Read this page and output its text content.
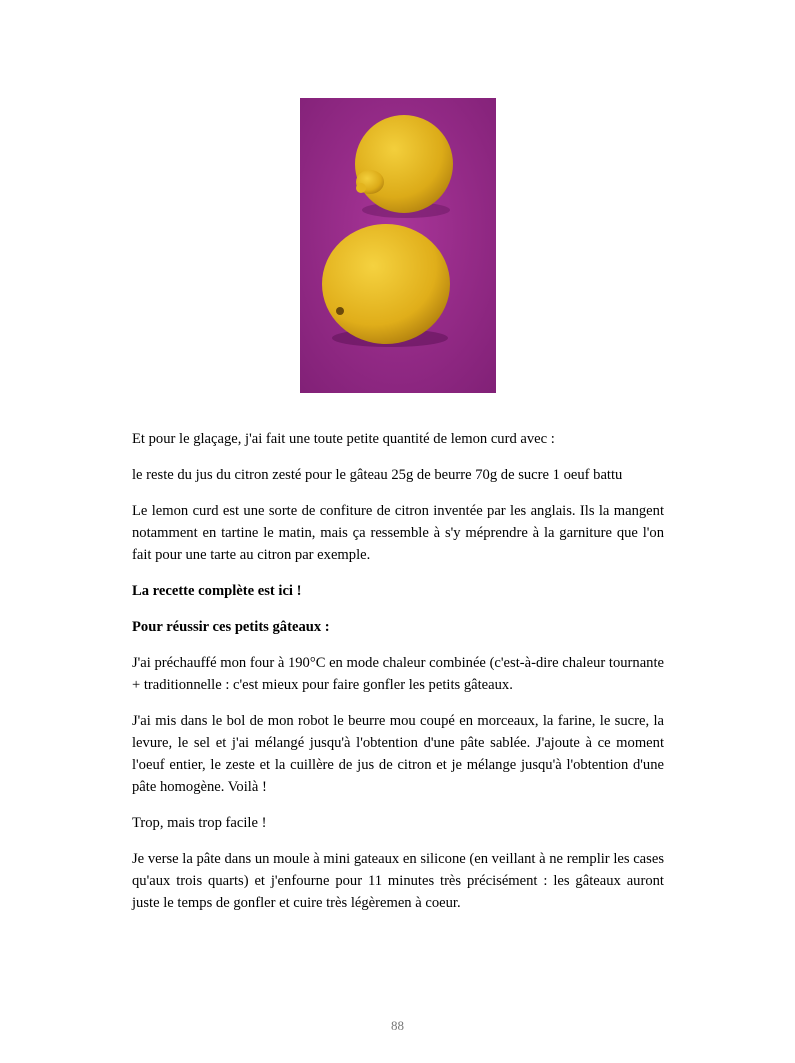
Et pour le glaçage, j'ai fait une toute petite quantité de lemon curd avec :

le reste du jus du citron zesté pour le gâteau 25g de beurre 70g de sucre 1 oeuf battu

Le lemon curd est une sorte de confiture de citron inventée par les anglais. Ils la mangent notamment en tartine le matin, mais ça ressemble à s'y méprendre à la garniture que l'on fait pour une tarte au citron par exemple.

La recette complète est ici !

Pour réussir ces petits gâteaux :

J'ai préchauffé mon four à 190°C en mode chaleur combinée (c'est-à-dire chaleur tournante + traditionnelle : c'est mieux pour faire gonfler les petits gâteaux.

J'ai mis dans le bol de mon robot le beurre mou coupé en morceaux, la farine, le sucre, la levure, le sel et j'ai mélangé jusqu'à l'obtention d'une pâte sablée. J'ajoute à ce moment l'oeuf entier, le zeste et la cuillère de jus de citron et je mélange jusqu'à l'obtention d'une pâte homogène. Voilà !

Trop, mais trop facile !

Je verse la pâte dans un moule à mini gateaux en silicone (en veillant à ne remplir les cases qu'aux trois quarts) et j'enfourne pour 11 minutes très précisément : les gâteaux auront juste le temps de gonfler et cuire très légèremen à coeur.

88
